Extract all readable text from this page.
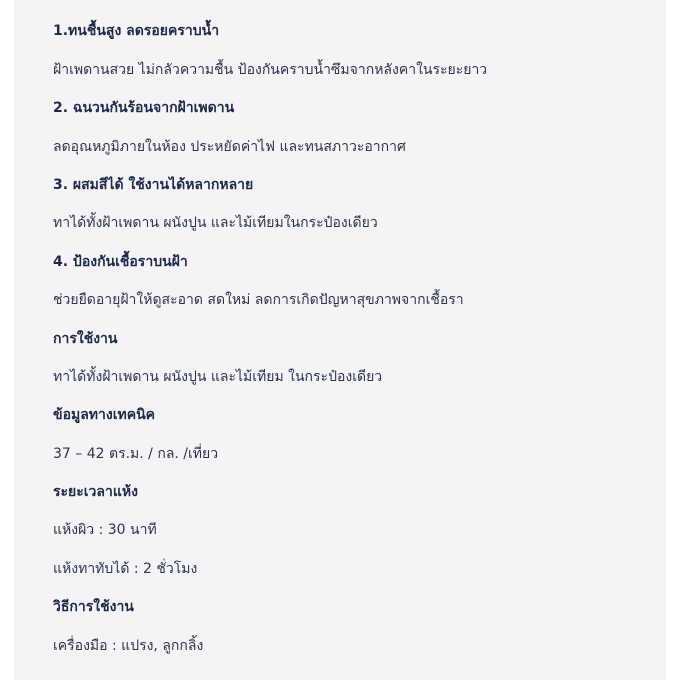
1.ทนชื้นสูง ลดรอยคราบน้ำ
ฝ้าเพดานสวย ไม่กลัวความชื้น ป้องกันคราบน้ำซึมจากหลังคาในระยะยาว
2. ฉนวนกันร้อนจากฝ้าเพดาน
ลดอุณหภูมิภายในห้อง ประหยัดค่าไฟ และทนสภาวะอากาศ
3. ผสมสีได้ ใช้งานได้หลากหลาย
ทาได้ทั้งฝ้าเพดาน ผนังปูน และไม้เทียมในกระป๋องเดียว
4. ป้องกันเชื้อราบนฝ้า
ช่วยยืดอายุฝ้าให้ดูสะอาด สดใหม่ ลดการเกิดปัญหาสุขภาพจากเชื้อรา
การใช้งาน
ทาได้ทั้งฝ้าเพดาน ผนังปูน และไม้เทียม ในกระป๋องเดียว
ข้อมูลทางเทคนิค
37 – 42 ตร.ม. / กล. /เที่ยว
ระยะเวลาแห้ง
แห้งผิว : 30 นาที
แห้งทาทับได้ : 2 ชั่วโมง
วิธีการใช้งาน
เครื่องมือ : แปรง, ลูกกลิ้ง
